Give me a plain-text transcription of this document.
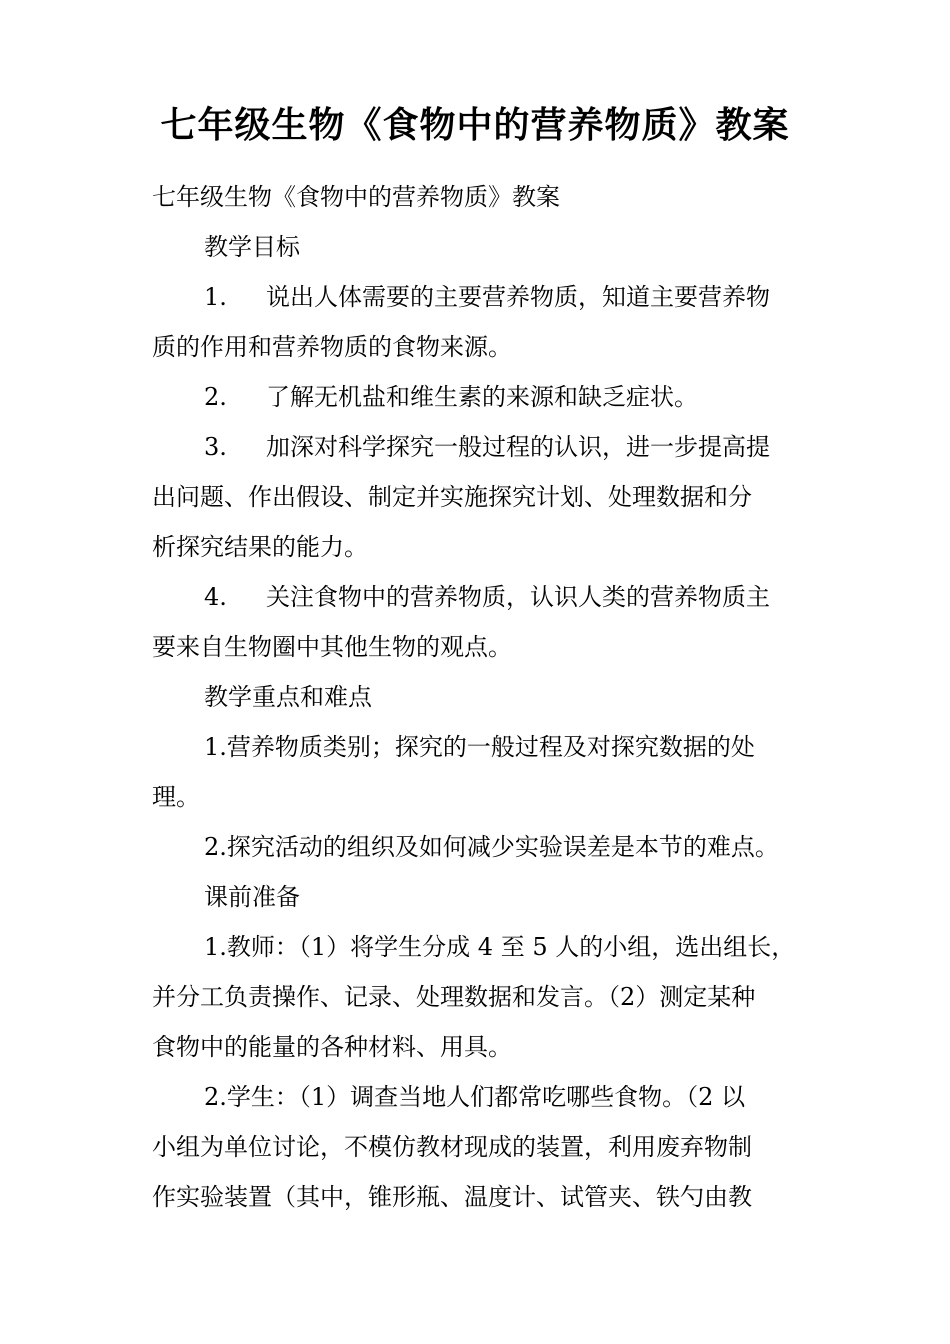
七年级生物《食物中的营养物质》教案
七年级生物《食物中的营养物质》教案
教学目标
1. 说出人体需要的主要营养物质，知道主要营养物
质的作用和营养物质的食物来源。
2. 了解无机盐和维生素的来源和缺乏症状。
3. 加深对科学探究一般过程的认识，进一步提高提
出问题、作出假设、制定并实施探究计划、处理数据和分
析探究结果的能力。
4. 关注食物中的营养物质，认识人类的营养物质主
要来自生物圈中其他生物的观点。
教学重点和难点
1.营养物质类别；探究的一般过程及对探究数据的处
理。
2.探究活动的组织及如何减少实验误差是本节的难点。
课前准备
1.教师：（1）将学生分成 4 至 5 人的小组，选出组长，
并分工负责操作、记录、处理数据和发言。（2）测定某种
食物中的能量的各种材料、用具。
2.学生：（1）调查当地人们都常吃哪些食物。（2 以
小组为单位讨论，不模仿教材现成的装置，利用废弃物制
作实验装置（其中，锥形瓶、温度计、试管夹、铁勺由教
